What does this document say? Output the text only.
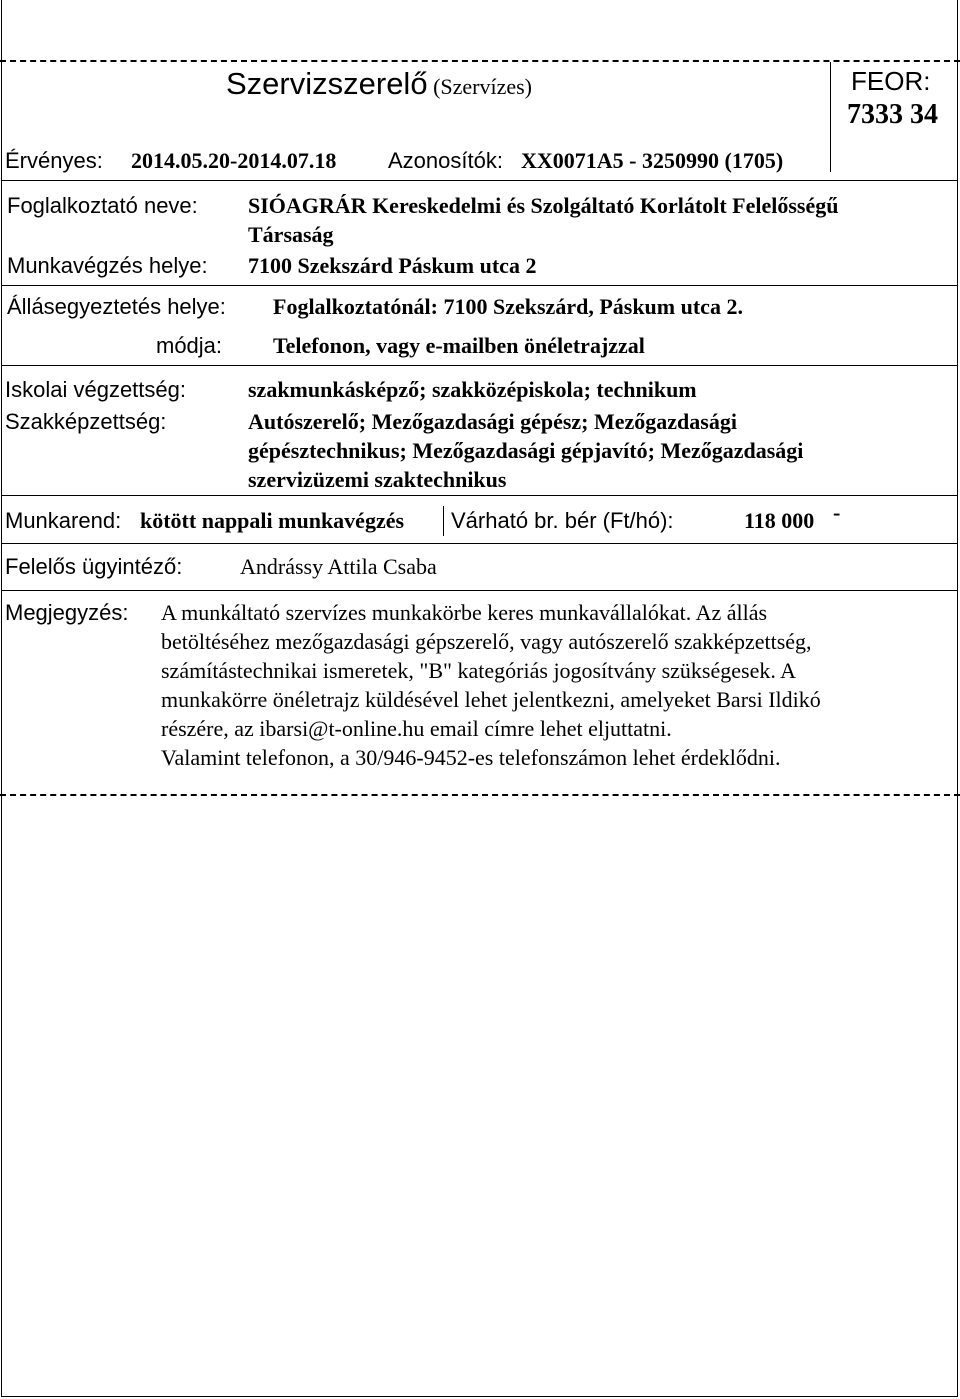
Szervizszerelő (Szervízes)	FEOR:
7333 34
Érvényes: 2014.05.20-2014.07.18 Azonosítók: XX0071A5 - 3250990 (1705)
Foglalkoztató neve: SIÓAGRÁR Kereskedelmi és Szolgáltató Korlátolt Felelősségű
Társaság
Munkavégzés helye: 7100 Szekszárd Páskum utca 2
Állásegyeztetés helye: Foglalkoztatónál: 7100 Szekszárd, Páskum utca 2.
módja: Telefonon, vagy e-mailben önéletrajzzal
Iskolai végzettség:	szakmunkásképző; szakközépiskola; technikum
Szakképzettség:	Autószerelő; Mezőgazdasági gépész; Mezőgazdasági
gépésztechnikus; Mezőgazdasági gépjavító; Mezőgazdasági
szervizüzemi szaktechnikus
Munkarend: kötött nappali munkavégzés Várható br. bér (Ft/hó):	118 000 -
Felelős ügyintéző:	Andrássy Attila Csaba
Megjegyzés: A munkáltató szervízes munkakörbe keres munkavállalókat. Az állás
betöltéséhez mezőgazdasági gépszerelő, vagy autószerelő szakképzettség,
számítástechnikai ismeretek, "B" kategóriás jogosítvány szükségesek. A
munkakörre önéletrajz küldésével lehet jelentkezni, amelyeket Barsi Ildikó
részére, az ibarsi@t-online.hu email címre lehet eljuttatni.
Valamint telefonon, a 30/946-9452-es telefonszámon lehet érdeklődni.
